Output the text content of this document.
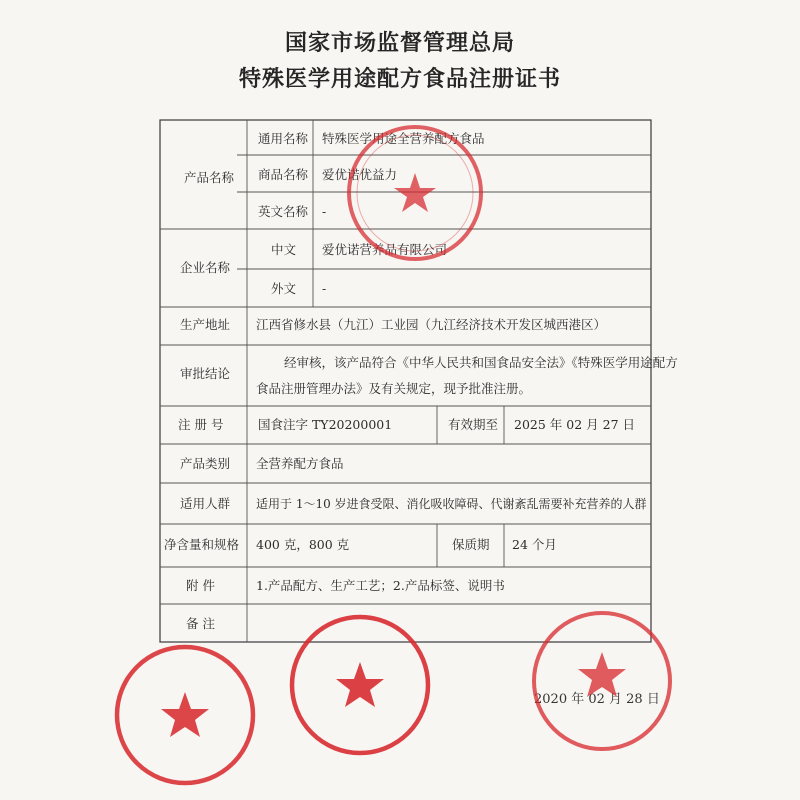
国家市场监督管理总局
特殊医学用途配方食品注册证书
产品名称
企业名称
生产地址
审批结论
注 册 号
产品类别
适用人群
净含量和规格
附 件
备 注
通用名称
商品名称
英文名称
中文
外文
有效期至
保质期
特殊医学用途全营养配方食品
爱优诺优益力
-
爱优诺营养品有限公司
-
江西省修水县（九江）工业园（九江经济技术开发区城西港区）
经审核，该产品符合《中华人民共和国食品安全法》《特殊医学用途配方
食品注册管理办法》及有关规定，现予批准注册。
国食注字 TY20200001	2025 年 02 月 27 日
全营养配方食品
适用于 1～10 岁进食受限、消化吸收障碍、代谢紊乱需要补充营养的人群
400 克，800 克	24 个月
1.产品配方、生产工艺；2.产品标签、说明书
2020 年 02 月 28 日
